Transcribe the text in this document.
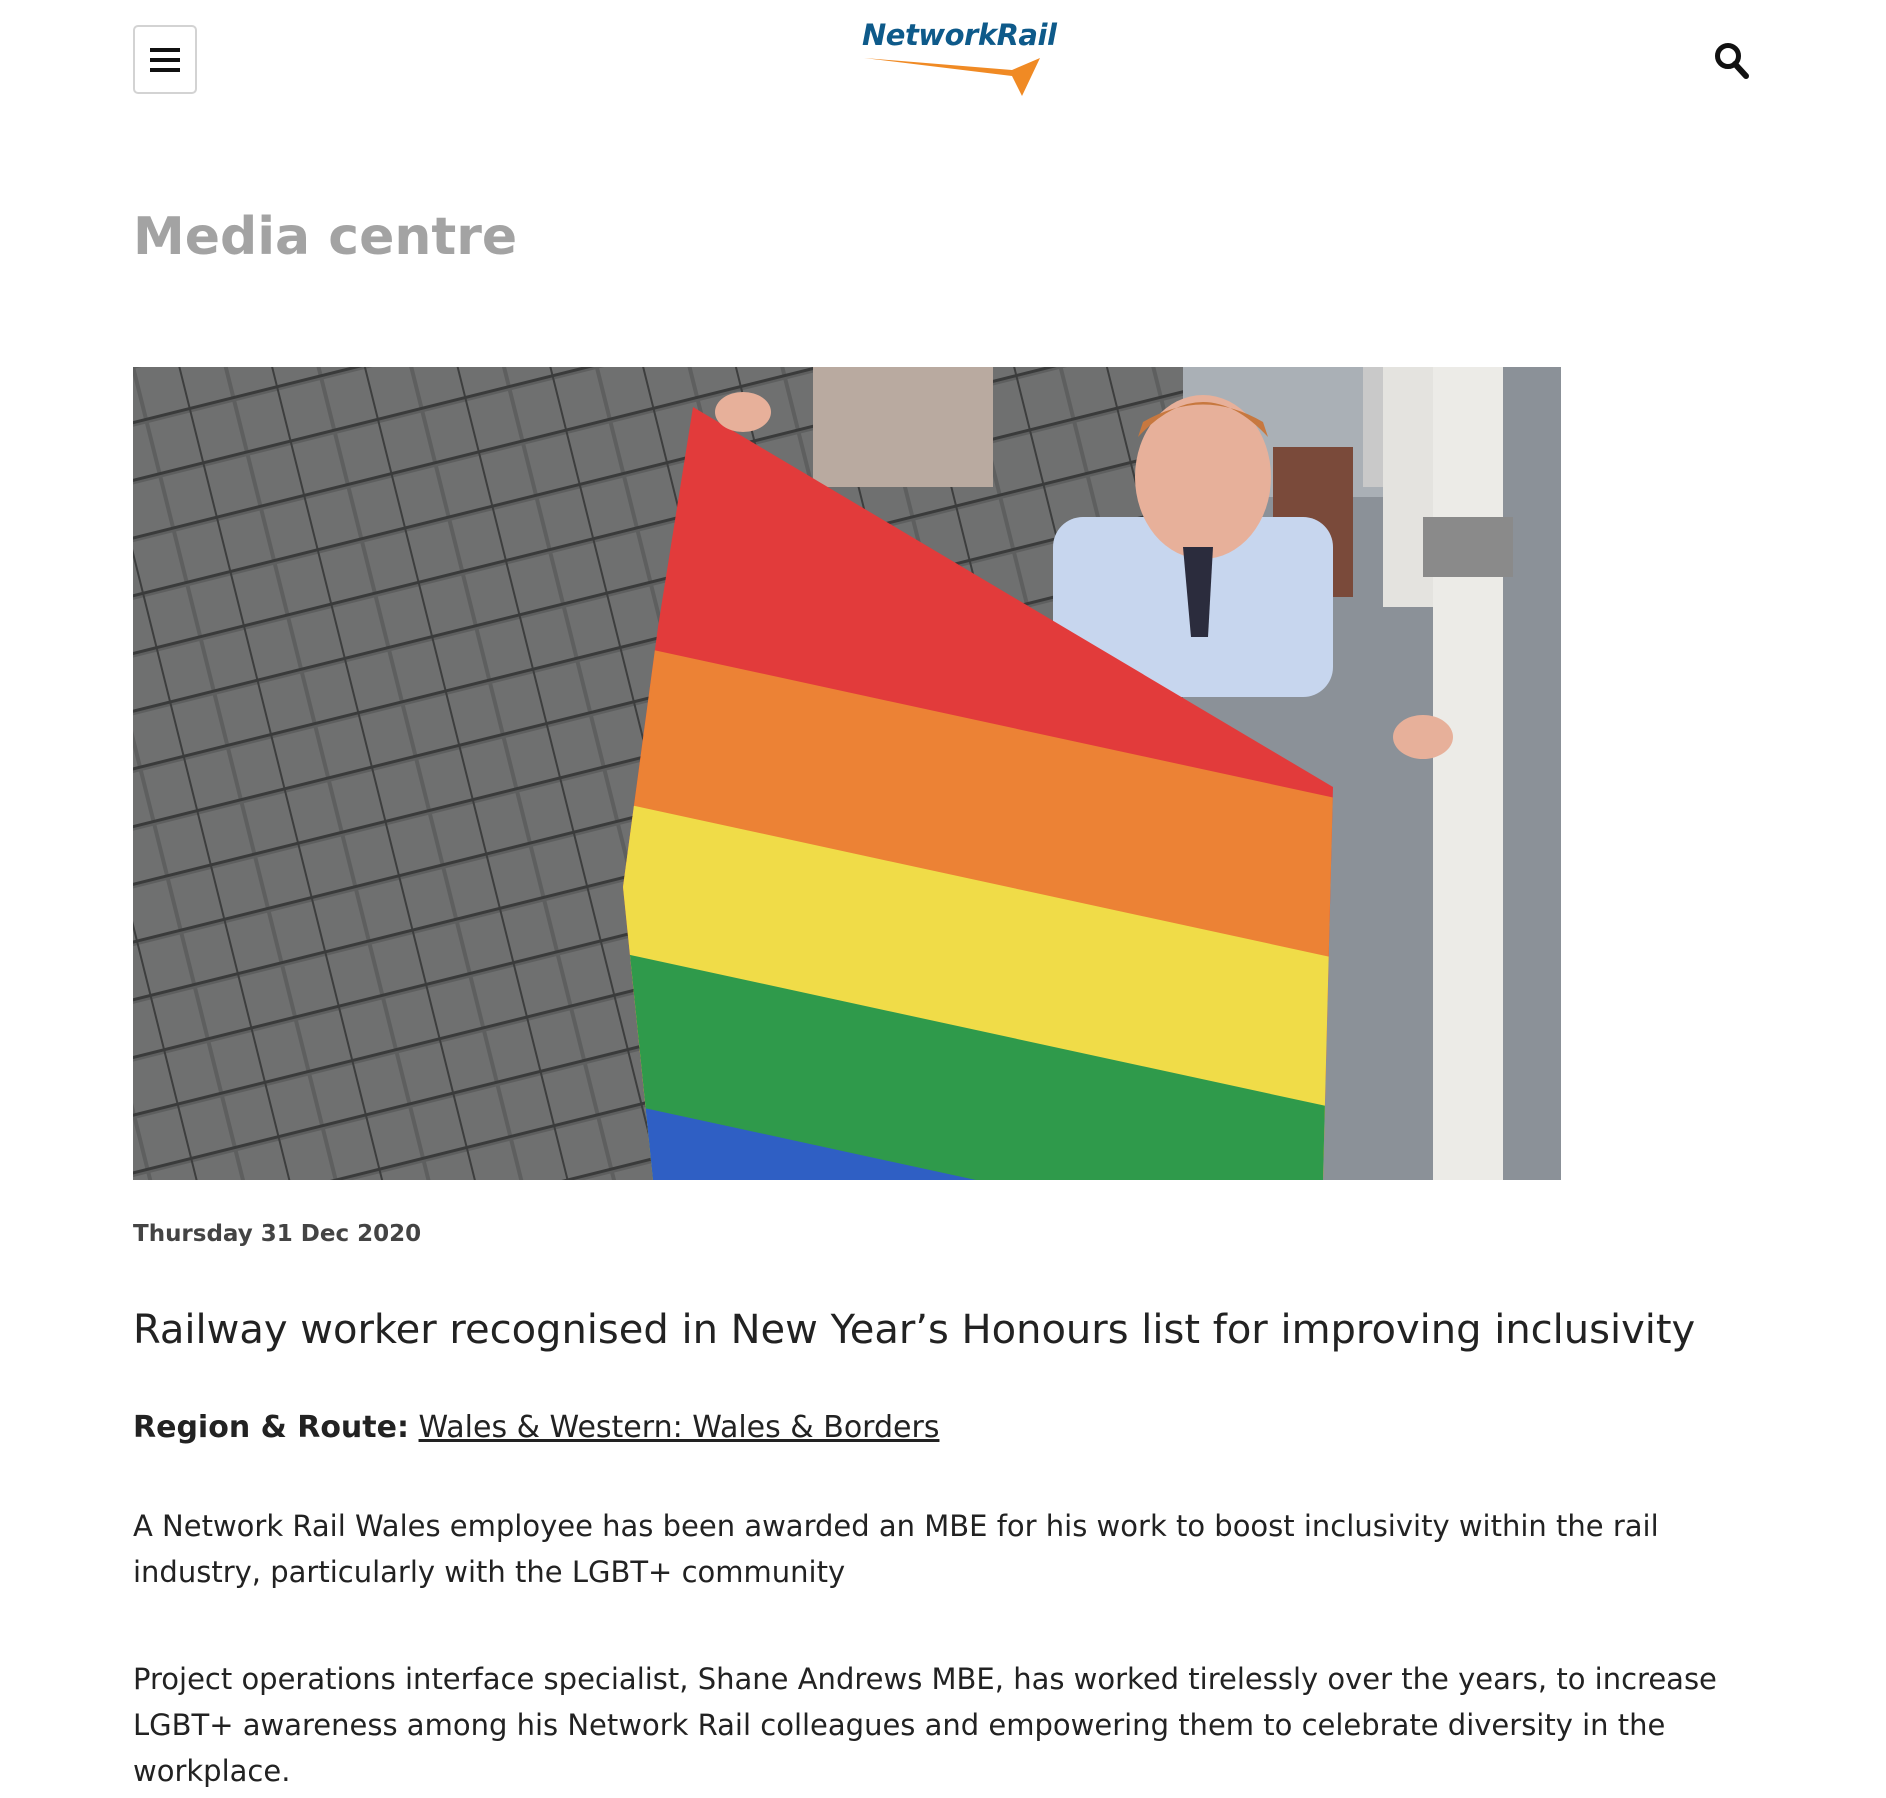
NetworkRail
Media centre
Thursday 31 Dec 2020
Railway worker recognised in New Year’s Honours list for improving inclusivity
Region & Route: Wales & Western: Wales & Borders

A Network Rail Wales employee has been awarded an MBE for his work to boost inclusivity within the rail industry, particularly with the LGBT+ community

Project operations interface specialist, Shane Andrews MBE, has worked tirelessly over the years, to increase LGBT+ awareness among his Network Rail colleagues and empowering them to celebrate diversity in the workplace.
